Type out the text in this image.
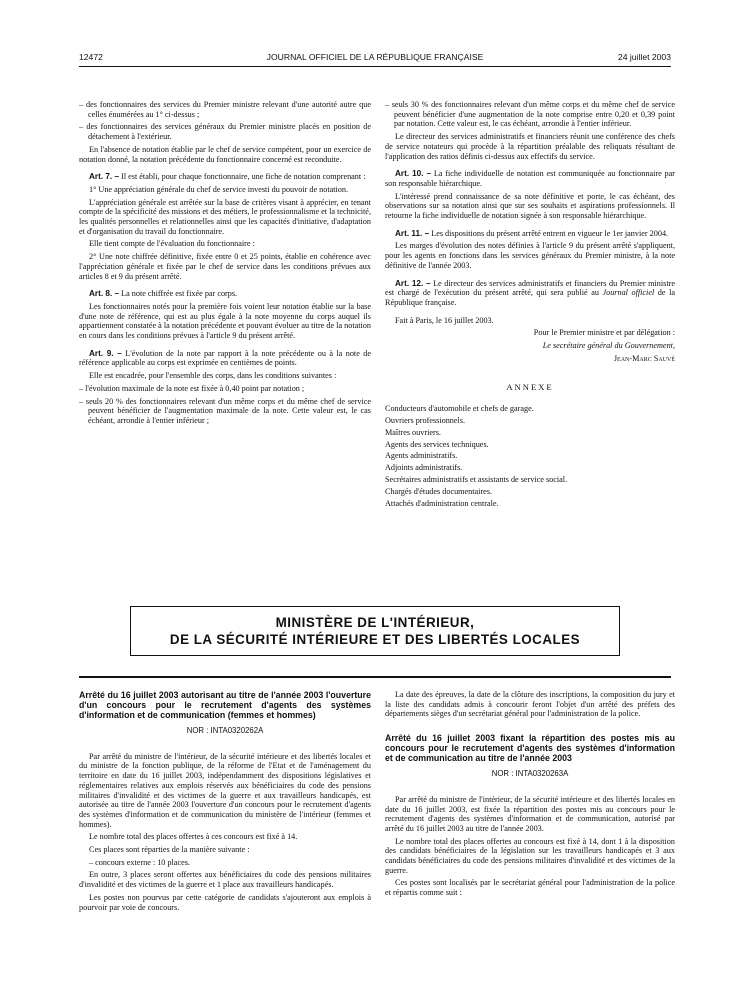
12472	JOURNAL OFFICIEL DE LA RÉPUBLIQUE FRANÇAISE	24 juillet 2003

– des fonctionnaires des services du Premier ministre relevant d'une autorité autre que celles énumérées au 1° ci-dessus ;

– des fonctionnaires des services généraux du Premier ministre placés en position de détachement à l'extérieur.

En l'absence de notation établie par le chef de service compétent, pour un exercice de notation donné, la notation précédente du fonctionnaire concerné est reconduite.

Art. 7. – Il est établi, pour chaque fonctionnaire, une fiche de notation comprenant :

1° Une appréciation générale du chef de service investi du pouvoir de notation.

L'appréciation générale est arrêtée sur la base de critères visant à apprécier, en tenant compte de la spécificité des missions et des métiers, le professionnalisme et la technicité, les qualités personnelles et relationnelles ainsi que les capacités d'initiative, d'adaptation et d'organisation du travail du fonctionnaire.

Elle tient compte de l'évaluation du fonctionnaire :

2° Une note chiffrée définitive, fixée entre 0 et 25 points, établie en cohérence avec l'appréciation générale et fixée par le chef de service dans les conditions prévues aux articles 8 et 9 du présent arrêté.

Art. 8. – La note chiffrée est fixée par corps.

Les fonctionnaires notés pour la première fois voient leur notation établie sur la base d'une note de référence, qui est au plus égale à la note moyenne du corps auquel ils appartiennent constatée à la notation précédente et pouvant évoluer au titre de la notation en cours dans les conditions prévues à l'article 9 du présent arrêté.

Art. 9. – L'évolution de la note par rapport à la note précédente ou à la note de référence applicable au corps est exprimée en centièmes de points.

Elle est encadrée, pour l'ensemble des corps, dans les conditions suivantes :

– l'évolution maximale de la note est fixée à 0,40 point par notation ;

– seuls 20 % des fonctionnaires relevant d'un même corps et du même chef de service peuvent bénéficier de l'augmentation maximale de la note. Cette valeur est, le cas échéant, arrondie à l'entier inférieur ;

– seuls 30 % des fonctionnaires relevant d'un même corps et du même chef de service peuvent bénéficier d'une augmentation de la note comprise entre 0,20 et 0,39 point par notation. Cette valeur est, le cas échéant, arrondie à l'entier inférieur.

Le directeur des services administratifs et financiers réunit une conférence des chefs de service notateurs qui procède à la répartition préalable des reliquats résultant de l'application des ratios définis ci-dessus aux effectifs du service.

Art. 10. – La fiche individuelle de notation est communiquée au fonctionnaire par son responsable hiérarchique.

L'intéressé prend connaissance de sa note définitive et porte, le cas échéant, des observations sur sa notation ainsi que sur ses souhaits et aspirations professionnels. Il retourne la fiche individuelle de notation signée à son responsable hiérarchique.

Art. 11. – Les dispositions du présent arrêté entrent en vigueur le 1er janvier 2004.

Les marges d'évolution des notes définies à l'article 9 du présent arrêté s'appliquent, pour les agents en fonctions dans les services généraux du Premier ministre, à la note définitive de l'année 2003.

Art. 12. – Le directeur des services administratifs et financiers du Premier ministre est chargé de l'exécution du présent arrêté, qui sera publié au Journal officiel de la République française.

Fait à Paris, le 16 juillet 2003.

Pour le Premier ministre et par délégation :

Le secrétaire général du Gouvernement,

Jean-Marc Sauvé

ANNEXE

Conducteurs d'automobile et chefs de garage.

Ouvriers professionnels.

Maîtres ouvriers.

Agents des services techniques.

Agents administratifs.

Adjoints administratifs.

Secrétaires administratifs et assistants de service social.

Chargés d'études documentaires.

Attachés d'administration centrale.

MINISTÈRE DE L'INTÉRIEUR,
DE LA SÉCURITÉ INTÉRIEURE ET DES LIBERTÉS LOCALES

Arrêté du 16 juillet 2003 autorisant au titre de l'année 2003 l'ouverture d'un concours pour le recrutement d'agents des systèmes d'information et de communication (femmes et hommes)

NOR : INTA0320262A

Par arrêté du ministre de l'intérieur, de la sécurité intérieure et des libertés locales et du ministre de la fonction publique, de la réforme de l'Etat et de l'aménagement du territoire en date du 16 juillet 2003, indépendamment des dispositions législatives et réglementaires relatives aux emplois réservés aux bénéficiaires du code des pensions militaires d'invalidité et des victimes de la guerre et aux travailleurs handicapés, est autorisée au titre de l'année 2003 l'ouverture d'un concours pour le recrutement d'agents des systèmes d'information et de communication du ministère de l'intérieur (femmes et hommes).

Le nombre total des places offertes à ces concours est fixé à 14.

Ces places sont réparties de la manière suivante :

– concours externe : 10 places.

En outre, 3 places seront offertes aux bénéficiaires du code des pensions militaires d'invalidité et des victimes de la guerre et 1 place aux travailleurs handicapés.

Les postes non pourvus par cette catégorie de candidats s'ajouteront aux emplois à pourvoir par voie de concours.

La date des épreuves, la date de la clôture des inscriptions, la composition du jury et la liste des candidats admis à concourir feront l'objet d'un arrêté des préfets des départements sièges d'un secrétariat général pour l'administration de la police.

Arrêté du 16 juillet 2003 fixant la répartition des postes mis au concours pour le recrutement d'agents des systèmes d'information et de communication au titre de l'année 2003

NOR : INTA0320263A

Par arrêté du ministre de l'intérieur, de la sécurité intérieure et des libertés locales en date du 16 juillet 2003, est fixée la répartition des postes mis au concours pour le recrutement d'agents des systèmes d'information et de communication, autorisé par arrêté du 16 juillet 2003 au titre de l'année 2003.

Le nombre total des places offertes au concours est fixé à 14, dont 1 à la disposition des candidats bénéficiaires de la législation sur les travailleurs handicapés et 3 aux candidats bénéficiaires du code des pensions militaires d'invalidité et des victimes de la guerre.

Ces postes sont localisés par le secrétariat général pour l'administration de la police et répartis comme suit :
